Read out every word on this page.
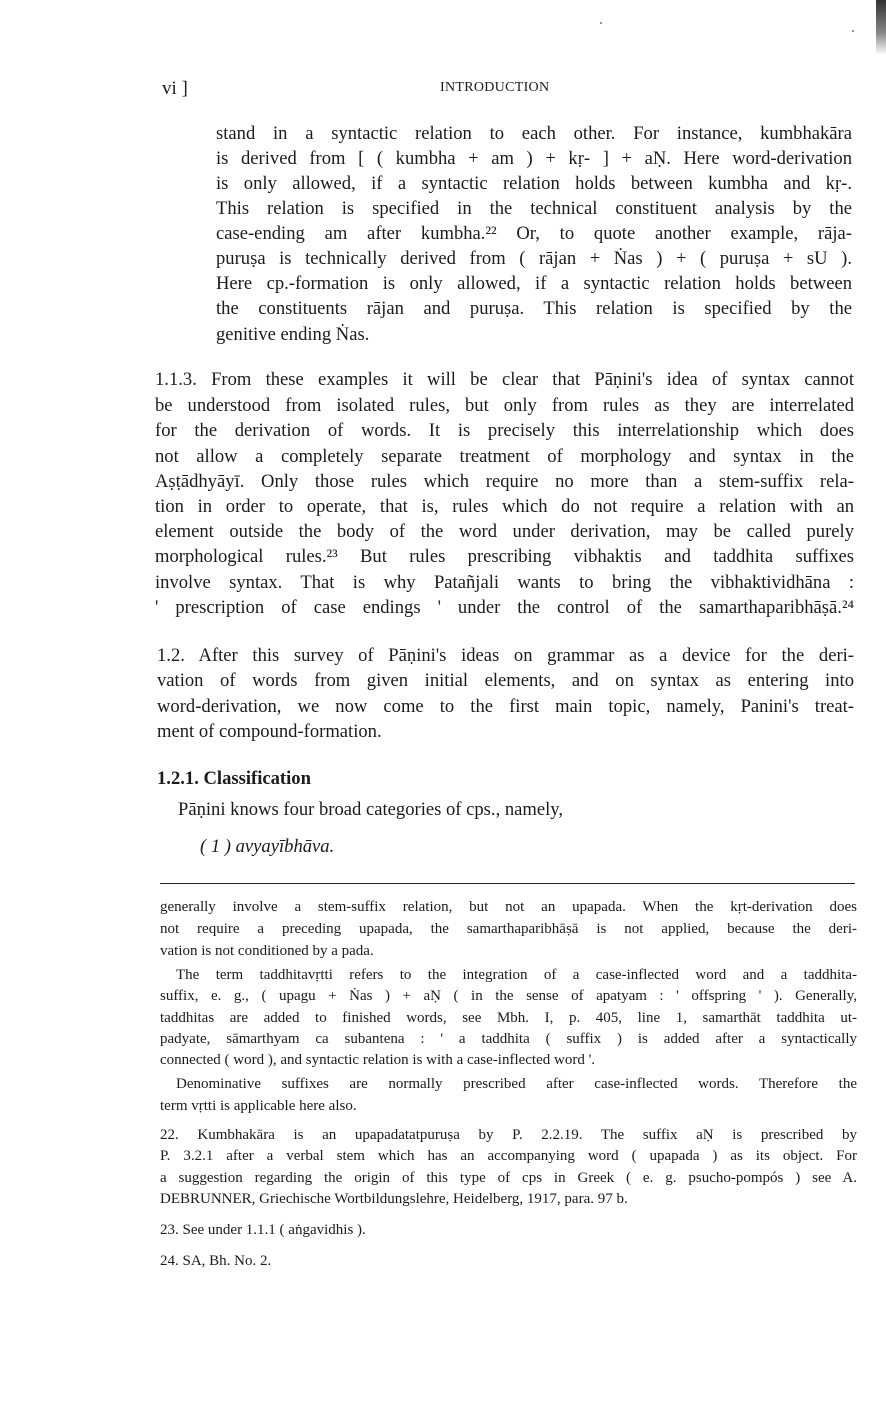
vi ]	INTRODUCTION
stand in a syntactic relation to each other. For instance, kumbhakāra
is derived from [ ( kumbha + am ) + kṛ- ] + aṆ. Here word-derivation
is only allowed, if a syntactic relation holds between kumbha and kṛ-.
This relation is specified in the technical constituent analysis by the
case-ending am after kumbha.²² Or, to quote another example, rāja-
puruṣa is technically derived from ( rājan + Ṅas ) + ( puruṣa + sU ).
Here cp.-formation is only allowed, if a syntactic relation holds between
the constituents rājan and puruṣa. This relation is specified by the
genitive ending Ṅas.
1.1.3. From these examples it will be clear that Pāṇini's idea of syntax cannot
be understood from isolated rules, but only from rules as they are interrelated
for the derivation of words. It is precisely this interrelationship which does
not allow a completely separate treatment of morphology and syntax in the
Aṣṭādhyāyī. Only those rules which require no more than a stem-suffix rela-
tion in order to operate, that is, rules which do not require a relation with an
element outside the body of the word under derivation, may be called purely
morphological rules.²³ But rules prescribing vibhaktis and taddhita suffixes
involve syntax. That is why Patañjali wants to bring the vibhaktividhāna :
' prescription of case endings ' under the control of the samarthaparibhāṣā.²⁴
1.2. After this survey of Pāṇini's ideas on grammar as a device for the deri-
vation of words from given initial elements, and on syntax as entering into
word-derivation, we now come to the first main topic, namely, Panini's treat-
ment of compound-formation.
1.2.1. Classification
Pāṇini knows four broad categories of cps., namely,
( 1 ) avyayībhāva.
generally involve a stem-suffix relation, but not an upapada. When the kṛt-derivation does
not require a preceding upapada, the samarthaparibhāṣā is not applied, because the deri-
vation is not conditioned by a pada.
The term taddhitavṛtti refers to the integration of a case-inflected word and a taddhita-
suffix, e. g., ( upagu + Ṅas ) + aṆ ( in the sense of apatyam : ' offspring ' ). Generally,
taddhitas are added to finished words, see Mbh. I, p. 405, line 1, samarthāt taddhita ut-
padyate, sāmarthyam ca subantena : ' a taddhita ( suffix ) is added after a syntactically
connected ( word ), and syntactic relation is with a case-inflected word '.
Denominative suffixes are normally prescribed after case-inflected words. Therefore the
term vṛtti is applicable here also.
22. Kumbhakāra is an upapadatatpuruṣa by P. 2.2.19. The suffix aṆ is prescribed by
P. 3.2.1 after a verbal stem which has an accompanying word ( upapada ) as its object. For
a suggestion regarding the origin of this type of cps in Greek ( e. g. psucho-pompós ) see A.
DEBRUNNER, Griechische Wortbildungslehre, Heidelberg, 1917, para. 97 b.
23. See under 1.1.1 ( aṅgavidhis ).
24. SA, Bh. No. 2.
